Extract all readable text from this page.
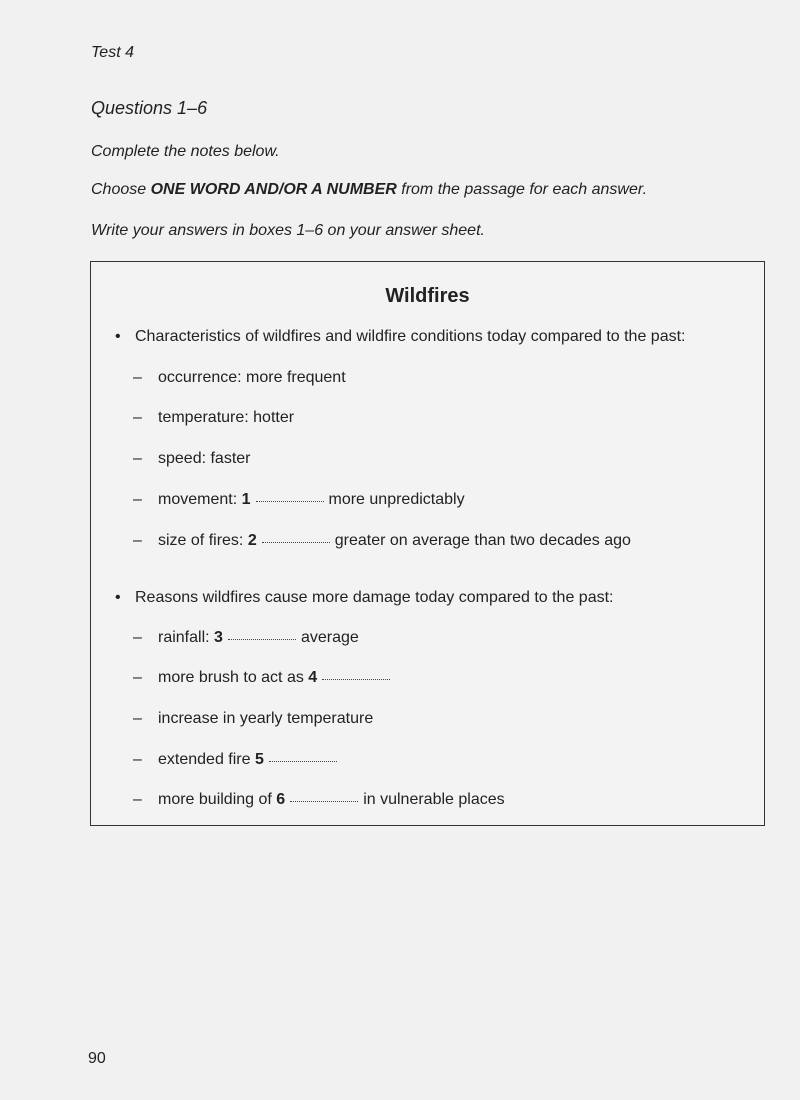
Test 4
Questions 1–6
Complete the notes below.
Choose ONE WORD AND/OR A NUMBER from the passage for each answer.
Write your answers in boxes 1–6 on your answer sheet.
Wildfires
• Characteristics of wildfires and wildfire conditions today compared to the past:
– occurrence: more frequent
– temperature: hotter
– speed: faster
– movement: 1	more unpredictably
– size of fires: 2	greater on average than two decades ago
• Reasons wildfires cause more damage today compared to the past:
– rainfall: 3	average
– more brush to act as 4
– increase in yearly temperature
– extended fire 5
– more building of 6	in vulnerable places
90
